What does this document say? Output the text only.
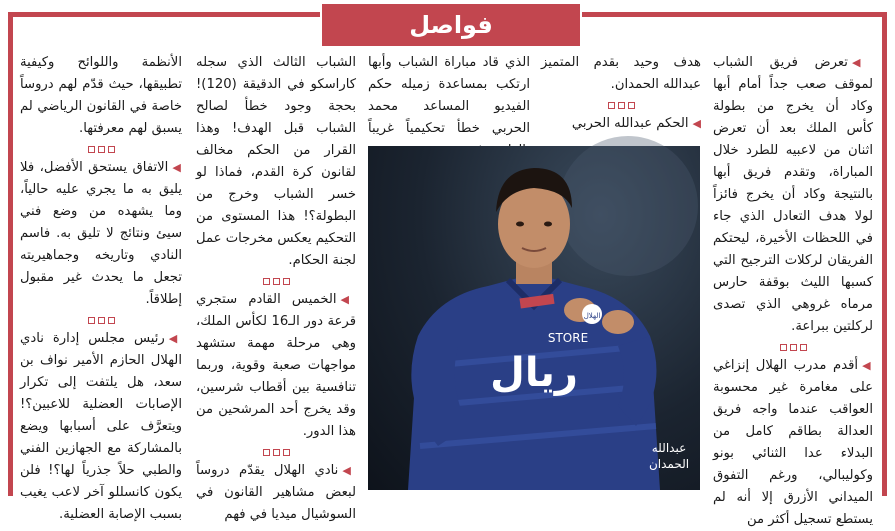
فواصل

◀تعرض فريق الشباب لموقف صعب جداً أمام أبها وكاد أن يخرج من بطولة كأس الملك بعد أن تعرض اثنان من لاعبيه للطرد خلال المباراة، وتقدم فريق أبها بالنتيجة وكاد أن يخرج فائزاً لولا هدف التعادل الذي جاء في اللحظات الأخيرة، ليحتكم الفريقان لركلات الترجيح التي كسبها الليث بوقفة حارس مرماه غروهي الذي تصدى لركلتين ببراعة.

◀أقدم مدرب الهلال إنزاغي على مغامرة غير محسوبة العواقب عندما واجه فريق العدالة بطاقم كامل من البدلاء عدا الثنائي بونو وكوليبالي، ورغم التفوق الميداني الأزرق إلا أنه لم يستطع تسجيل أكثر من

هدف وحيد بقدم المتميز عبدالله الحمدان.

◀الحكم عبدالله الحربي

الذي قاد مباراة الشباب وأبها ارتكب بمساعدة زميله حكم الفيديو المساعد محمد الحربي خطأ تحكيمياً غريباً

الشباب الثالث الذي سجله كاراسكو في الدقيقة (120)! بحجة وجود خطأ لصالح الشباب قبل الهدف! وهذا القرار من الحكم مخالف لقانون كرة القدم، فماذا لو خسر الشباب وخرج من البطولة؟! هذا المستوى من التحكيم يعكس مخرجات عمل لجنة الحكام.

◀الخميس القادم ستجري قرعة دور الـ16 لكأس الملك، وهي مرحلة مهمة ستشهد مواجهات صعبة وقوية، وربما تنافسية بين أقطاب شرسين، وقد يخرج أحد المرشحين من هذا الدور.

◀نادي الهلال يقدّم دروساً لبعض مشاهير القانون في السوشيال ميديا في فهم

الأنظمة واللوائح وكيفية تطبيقها، حيث قدّم لهم دروساً خاصة في القانون الرياضي لم يسبق لهم معرفتها.

◀الاتفاق يستحق الأفضل، فلا يليق به ما يجري عليه حالياً، وما يشهده من وضع فني سيئ ونتائج لا تليق به. فاسم النادي وتاريخه وجماهيريته تجعل ما يحدث غير مقبول إطلاقاً.

◀رئيس مجلس إدارة نادي الهلال الحازم الأمير نواف بن سعد، هل يلتفت إلى تكرار الإصابات العضلية للاعبين؟! ويتعرَّف على أسبابها ويضع بالمشاركة مع الجهازين الفني والطبي حلاً جذرياً لها؟! فلن يكون كانسللو آخر لاعب يغيب بسبب الإصابة العضلية.

ريال
STORE
الهلال
عبدالله
الحمدان
